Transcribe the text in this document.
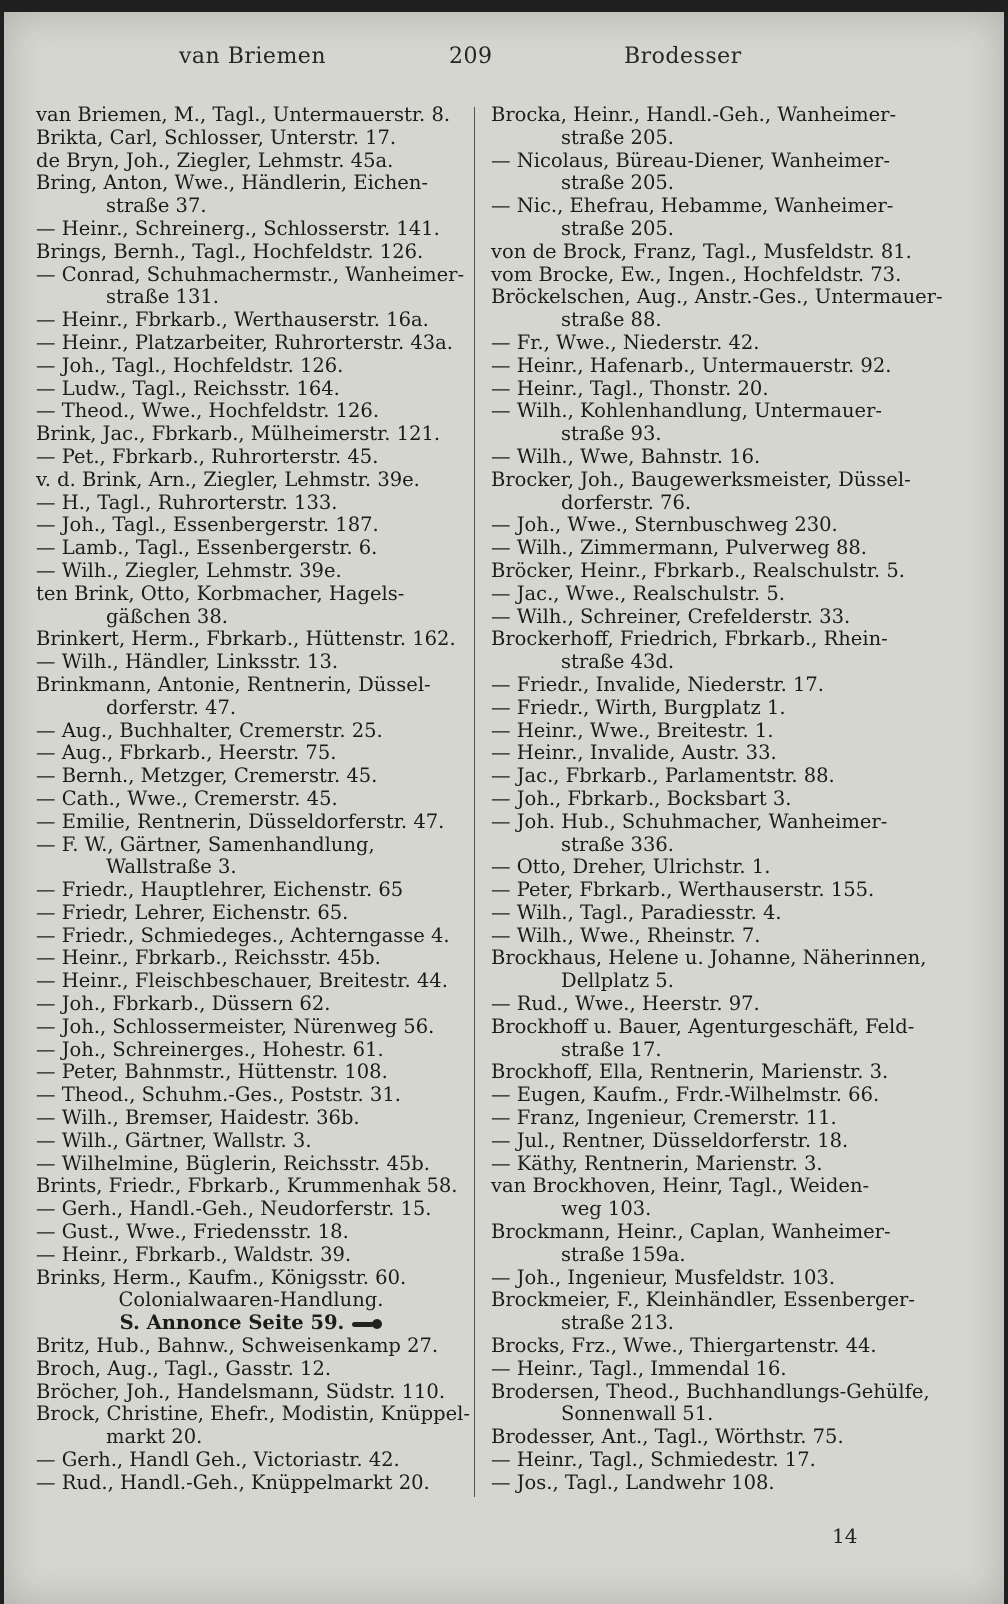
van Briemen	209	Brodesser
van Briemen, M., Tagl., Untermauerstr. 8.
Brikta, Carl, Schlosser, Unterstr. 17.
de Bryn, Joh., Ziegler, Lehmstr. 45a.
Bring, Anton, Wwe., Händlerin, Eichen-
straße 37.
— Heinr., Schreinerg., Schlosserstr. 141.
Brings, Bernh., Tagl., Hochfeldstr. 126.
— Conrad, Schuhmachermstr., Wanheimer-
straße 131.
— Heinr., Fbrkarb., Werthauserstr. 16a.
— Heinr., Platzarbeiter, Ruhrorterstr. 43a.
— Joh., Tagl., Hochfeldstr. 126.
— Ludw., Tagl., Reichsstr. 164.
— Theod., Wwe., Hochfeldstr. 126.
Brink, Jac., Fbrkarb., Mülheimerstr. 121.
— Pet., Fbrkarb., Ruhrorterstr. 45.
v. d. Brink, Arn., Ziegler, Lehmstr. 39e.
— H., Tagl., Ruhrorterstr. 133.
— Joh., Tagl., Essenbergerstr. 187.
— Lamb., Tagl., Essenbergerstr. 6.
— Wilh., Ziegler, Lehmstr. 39e.
ten Brink, Otto, Korbmacher, Hagels-
gäßchen 38.
Brinkert, Herm., Fbrkarb., Hüttenstr. 162.
— Wilh., Händler, Linksstr. 13.
Brinkmann, Antonie, Rentnerin, Düssel-
dorferstr. 47.
— Aug., Buchhalter, Cremerstr. 25.
— Aug., Fbrkarb., Heerstr. 75.
— Bernh., Metzger, Cremerstr. 45.
— Cath., Wwe., Cremerstr. 45.
— Emilie, Rentnerin, Düsseldorferstr. 47.
— F. W., Gärtner, Samenhandlung,
Wallstraße 3.
— Friedr., Hauptlehrer, Eichenstr. 65
— Friedr, Lehrer, Eichenstr. 65.
— Friedr., Schmiedeges., Achterngasse 4.
— Heinr., Fbrkarb., Reichsstr. 45b.
— Heinr., Fleischbeschauer, Breitestr. 44.
— Joh., Fbrkarb., Düssern 62.
— Joh., Schlossermeister, Nürenweg 56.
— Joh., Schreinerges., Hohestr. 61.
— Peter, Bahnmstr., Hüttenstr. 108.
— Theod., Schuhm.-Ges., Poststr. 31.
— Wilh., Bremser, Haidestr. 36b.
— Wilh., Gärtner, Wallstr. 3.
— Wilhelmine, Büglerin, Reichsstr. 45b.
Brints, Friedr., Fbrkarb., Krummenhak 58.
— Gerh., Handl.-Geh., Neudorferstr. 15.
— Gust., Wwe., Friedensstr. 18.
— Heinr., Fbrkarb., Waldstr. 39.
Brinks, Herm., Kaufm., Königsstr. 60.
Colonialwaaren-Handlung.
S. Annonce Seite 59.
Britz, Hub., Bahnw., Schweisenkamp 27.
Broch, Aug., Tagl., Gasstr. 12.
Bröcher, Joh., Handelsmann, Südstr. 110.
Brock, Christine, Ehefr., Modistin, Knüppel-
markt 20.
— Gerh., Handl Geh., Victoriastr. 42.
— Rud., Handl.-Geh., Knüppelmarkt 20.
Brocka, Heinr., Handl.-Geh., Wanheimer-
straße 205.
— Nicolaus, Büreau-Diener, Wanheimer-
straße 205.
— Nic., Ehefrau, Hebamme, Wanheimer-
straße 205.
von de Brock, Franz, Tagl., Musfeldstr. 81.
vom Brocke, Ew., Ingen., Hochfeldstr. 73.
Bröckelschen, Aug., Anstr.-Ges., Untermauer-
straße 88.
— Fr., Wwe., Niederstr. 42.
— Heinr., Hafenarb., Untermauerstr. 92.
— Heinr., Tagl., Thonstr. 20.
— Wilh., Kohlenhandlung, Untermauer-
straße 93.
— Wilh., Wwe, Bahnstr. 16.
Brocker, Joh., Baugewerksmeister, Düssel-
dorferstr. 76.
— Joh., Wwe., Sternbuschweg 230.
— Wilh., Zimmermann, Pulverweg 88.
Bröcker, Heinr., Fbrkarb., Realschulstr. 5.
— Jac., Wwe., Realschulstr. 5.
— Wilh., Schreiner, Crefelderstr. 33.
Brockerhoff, Friedrich, Fbrkarb., Rhein-
straße 43d.
— Friedr., Invalide, Niederstr. 17.
— Friedr., Wirth, Burgplatz 1.
— Heinr., Wwe., Breitestr. 1.
— Heinr., Invalide, Austr. 33.
— Jac., Fbrkarb., Parlamentstr. 88.
— Joh., Fbrkarb., Bocksbart 3.
— Joh. Hub., Schuhmacher, Wanheimer-
straße 336.
— Otto, Dreher, Ulrichstr. 1.
— Peter, Fbrkarb., Werthauserstr. 155.
— Wilh., Tagl., Paradiesstr. 4.
— Wilh., Wwe., Rheinstr. 7.
Brockhaus, Helene u. Johanne, Näherinnen,
Dellplatz 5.
— Rud., Wwe., Heerstr. 97.
Brockhoff u. Bauer, Agenturgeschäft, Feld-
straße 17.
Brockhoff, Ella, Rentnerin, Marienstr. 3.
— Eugen, Kaufm., Frdr.-Wilhelmstr. 66.
— Franz, Ingenieur, Cremerstr. 11.
— Jul., Rentner, Düsseldorferstr. 18.
— Käthy, Rentnerin, Marienstr. 3.
van Brockhoven, Heinr, Tagl., Weiden-
weg 103.
Brockmann, Heinr., Caplan, Wanheimer-
straße 159a.
— Joh., Ingenieur, Musfeldstr. 103.
Brockmeier, F., Kleinhändler, Essenberger-
straße 213.
Brocks, Frz., Wwe., Thiergartenstr. 44.
— Heinr., Tagl., Immendal 16.
Brodersen, Theod., Buchhandlungs-Gehülfe,
Sonnenwall 51.
Brodesser, Ant., Tagl., Wörthstr. 75.
— Heinr., Tagl., Schmiedestr. 17.
— Jos., Tagl., Landwehr 108.
14
